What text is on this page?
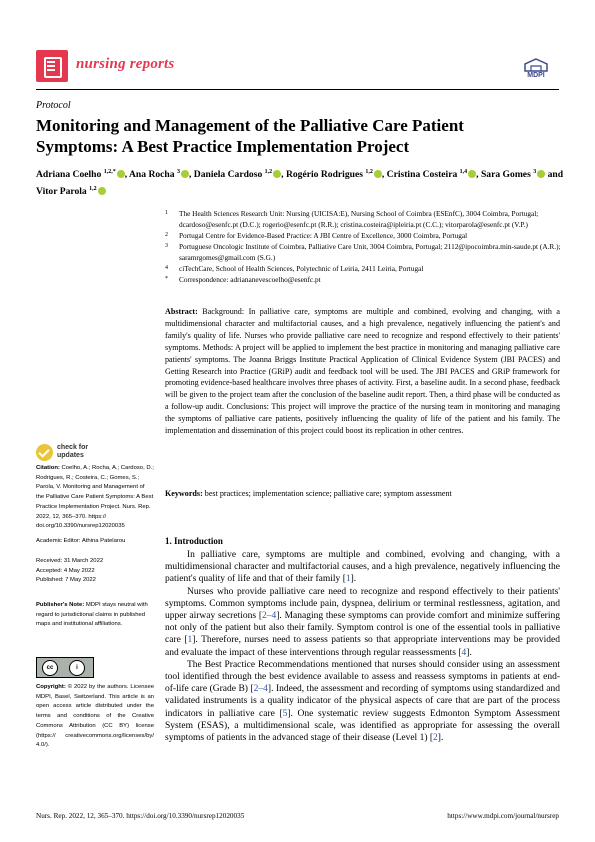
nursing reports
MDPI
Protocol
Monitoring and Management of the Palliative Care Patient Symptoms: A Best Practice Implementation Project
Adriana Coelho $^{1,2,*}$ , Ana Rocha $^3$ , Daniela Cardoso $^{1,2}$ , Rogério Rodrigues $^{1,2}$ , Cristina Costeira $^{1,4}$ , Sara Gomes $^3$ and Vitor Parola $^{1,2}$
1	The Health Sciences Research Unit: Nursing (UICISA:E), Nursing School of Coimbra (ESEnfC), 3004 Coimbra, Portugal; dcardoso@esenfc.pt (D.C.); rogerio@esenfc.pt (R.R.); cristina.costeira@ipleiria.pt (C.C.); vitorparola@esenfc.pt (V.P.)
2	Portugal Centre for Evidence-Based Practice: A JBI Centre of Excellence, 3000 Coimbra, Portugal
3	Portuguese Oncologic Institute of Coimbra, Palliative Care Unit, 3004 Coimbra, Portugal; 2112@ipocoimbra.min-saude.pt (A.R.); saramrgomes@gmail.com (S.G.)
4	ciTechCare, School of Health Sciences, Polytechnic of Leiria, 2411 Leiria, Portugal
*	Correspondence: adriananevescoelho@esenfc.pt
Abstract: Background: In palliative care, symptoms are multiple and combined, evolving and changing, with a multidimensional character and multifactorial causes, and a high prevalence, negatively influencing the patient's and family's quality of life. Nurses who provide palliative care need to recognize and respond effectively to their patients' symptoms. Methods: A project will be applied to implement the best practice in monitoring and managing palliative care patients' symptoms. The Joanna Briggs Institute Practical Application of Clinical Evidence System (JBI PACES) and Getting Research into Practice (GRiP) audit and feedback tool will be used. The JBI PACES and GRiP framework for promoting evidence-based healthcare involves three phases of activity. First, a baseline audit. In a second phase, feedback will be given to the project team after the conclusion of the baseline audit report. Then, a third phase will be conducted as a follow-up audit. Conclusions: This project will improve the practice of the nursing team in monitoring and managing the symptoms of palliative care patients, positively influencing the quality of life of the patient and his family. The implementation and dissemination of this project could boost its replication in other centres.
Keywords: best practices; implementation science; palliative care; symptom assessment
check for
updates
Citation: Coelho, A.; Rocha, A.; Cardoso, D.; Rodrigues, R.; Costeira, C.; Gomes, S.; Parola, V. Monitoring and Management of the Palliative Care Patient Symptoms: A Best Practice Implementation Project. Nurs. Rep. 2022, 12, 365–370. https:// doi.org/10.3390/nursrep12020035
Academic Editor: Athina Patelarou
Received: 31 March 2022
Accepted: 4 May 2022
Published: 7 May 2022
Publisher's Note: MDPI stays neutral with regard to jurisdictional claims in published maps and institutional affiliations.
cc	i
Copyright: © 2022 by the authors. Licensee MDPI, Basel, Switzerland. This article is an open access article distributed under the terms and conditions of the Creative Commons Attribution (CC BY) license (https:// creativecommons.org/licenses/by/ 4.0/).
1. Introduction

In palliative care, symptoms are multiple and combined, evolving and changing, with a multidimensional character and multifactorial causes, and a high prevalence, negatively influencing the patient's quality of life and that of their family [1].

Nurses who provide palliative care need to recognize and respond effectively to their patients' symptoms. Common symptoms include pain, dyspnea, delirium or terminal restlessness, agitation, and upper airway secretions [2–4]. Managing these symptoms can provide comfort and minimize suffering not only of the patient but also their family. Symptom control is one of the essential tools in palliative care [1]. Therefore, nurses need to assess patients so that appropriate interventions may be provided and evaluate the impact of these interventions through regular reassessments [4].

The Best Practice Recommendations mentioned that nurses should consider using an assessment tool identified through the best evidence available to assess and reassess symptoms in patients at end-of-life care (Grade B) [2–4]. Indeed, the assessment and recording of symptoms using standardized and validated instruments is a quality indicator of the physical aspects of care that are part of the process indicators in palliative care [5]. One systematic review suggests Edmonton Symptom Assessment System (ESAS), a multidimensional scale, was identified as appropriate for assessing the overall symptoms of patients in the advanced stage of their disease (Level 1) [2].

Nurs. Rep. 2022, 12, 365–370. https://doi.org/10.3390/nursrep12020035	https://www.mdpi.com/journal/nursrep
